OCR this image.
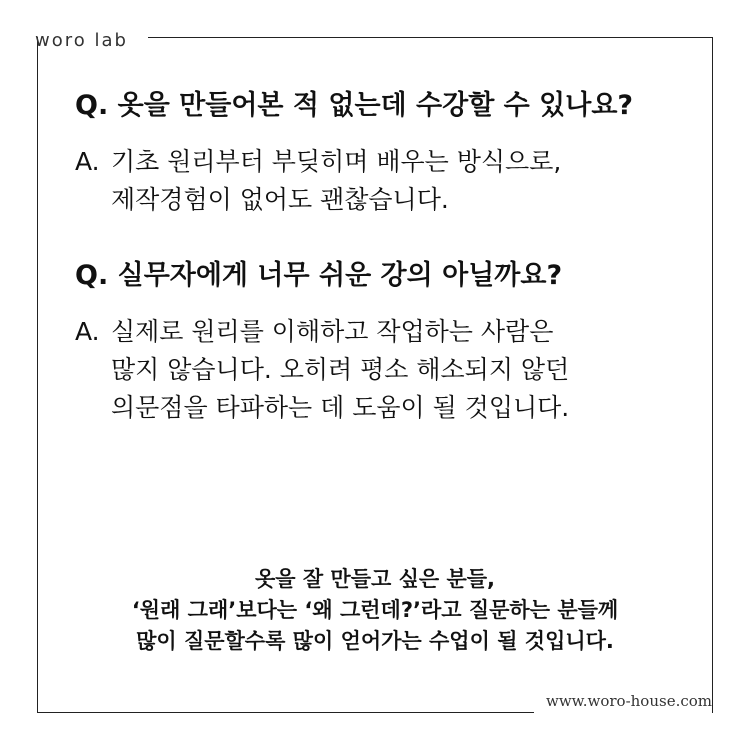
woro lab
Q. 옷을 만들어본 적 없는데 수강할 수 있나요?
A. 기초 원리부터 부딪히며 배우는 방식으로,
제작경험이 없어도 괜찮습니다.
Q. 실무자에게 너무 쉬운 강의 아닐까요?
A. 실제로 원리를 이해하고 작업하는 사람은
많지 않습니다. 오히려 평소 해소되지 않던
의문점을 타파하는 데 도움이 될 것입니다.
옷을 잘 만들고 싶은 분들,
‘원래 그래’보다는 ‘왜 그런데?’라고 질문하는 분들께
많이 질문할수록 많이 얻어가는 수업이 될 것입니다.
www.woro-house.com
